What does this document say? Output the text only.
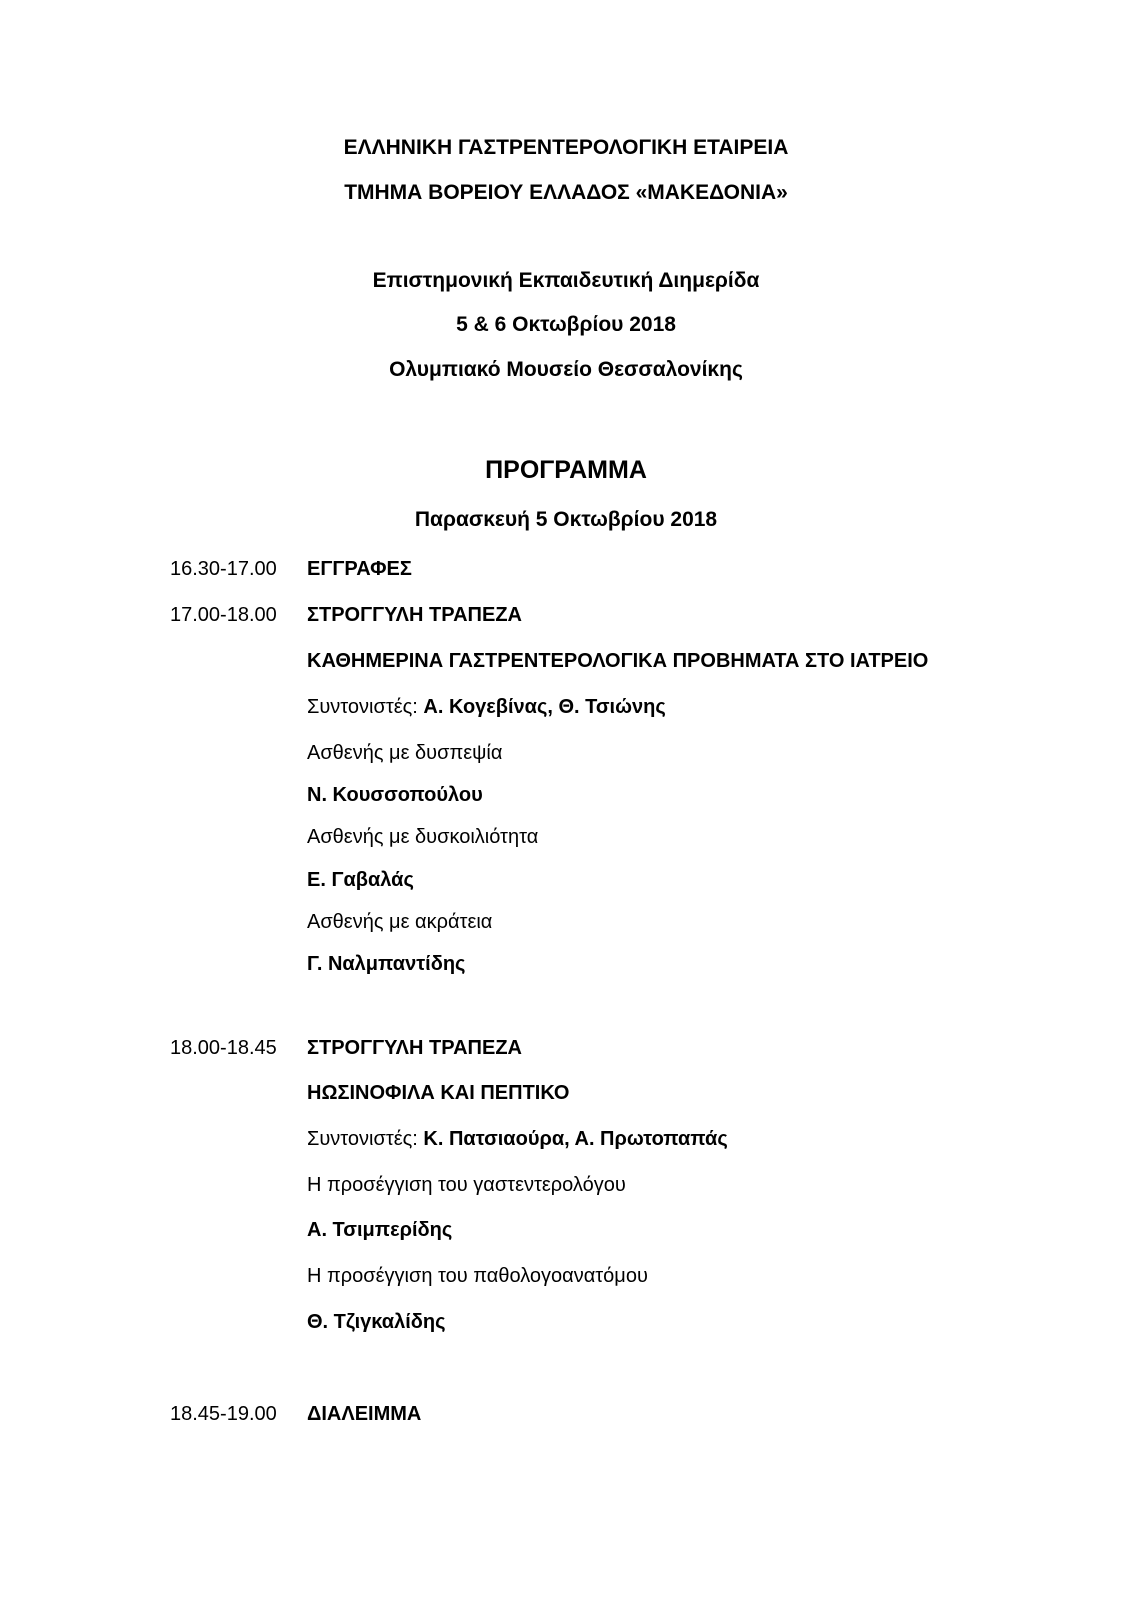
ΕΛΛΗΝΙΚΗ ΓΑΣΤΡΕΝΤΕΡΟΛΟΓΙΚΗ ΕΤΑΙΡΕΙΑ
ΤΜΗΜΑ ΒΟΡΕΙΟΥ ΕΛΛΑΔΟΣ «ΜΑΚΕΔΟΝΙΑ»
Επιστημονική Εκπαιδευτική Διημερίδα
5 & 6 Οκτωβρίου 2018
Ολυμπιακό Μουσείο Θεσσαλονίκης
ΠΡΟΓΡΑΜΜΑ
Παρασκευή 5 Οκτωβρίου 2018
16.30-17.00 ΕΓΓΡΑΦΕΣ
17.00-18.00 ΣΤΡΟΓΓΥΛΗ ΤΡΑΠΕΖΑ
ΚΑΘΗΜΕΡΙΝΑ ΓΑΣΤΡΕΝΤΕΡΟΛΟΓΙΚΑ ΠΡΟΒΗΜΑΤΑ ΣΤΟ ΙΑΤΡΕΙΟ
Συντονιστές: Α. Κογεβίνας, Θ. Τσιώνης
Ασθενής με δυσπεψία
Ν. Κουσσοπούλου
Ασθενής με δυσκοιλιότητα
Ε. Γαβαλάς
Ασθενής με ακράτεια
Γ. Ναλμπαντίδης
18.00-18.45 ΣΤΡΟΓΓΥΛΗ ΤΡΑΠΕΖΑ
ΗΩΣΙΝΟΦΙΛΑ ΚΑΙ ΠΕΠΤΙΚΟ
Συντονιστές: Κ. Πατσιαούρα, Α. Πρωτοπαπάς
Η προσέγγιση του γαστεντερολόγου
Α. Τσιμπερίδης
Η προσέγγιση του παθολογοανατόμου
Θ. Τζιγκαλίδης
18.45-19.00 ΔΙΑΛΕΙΜΜΑ
